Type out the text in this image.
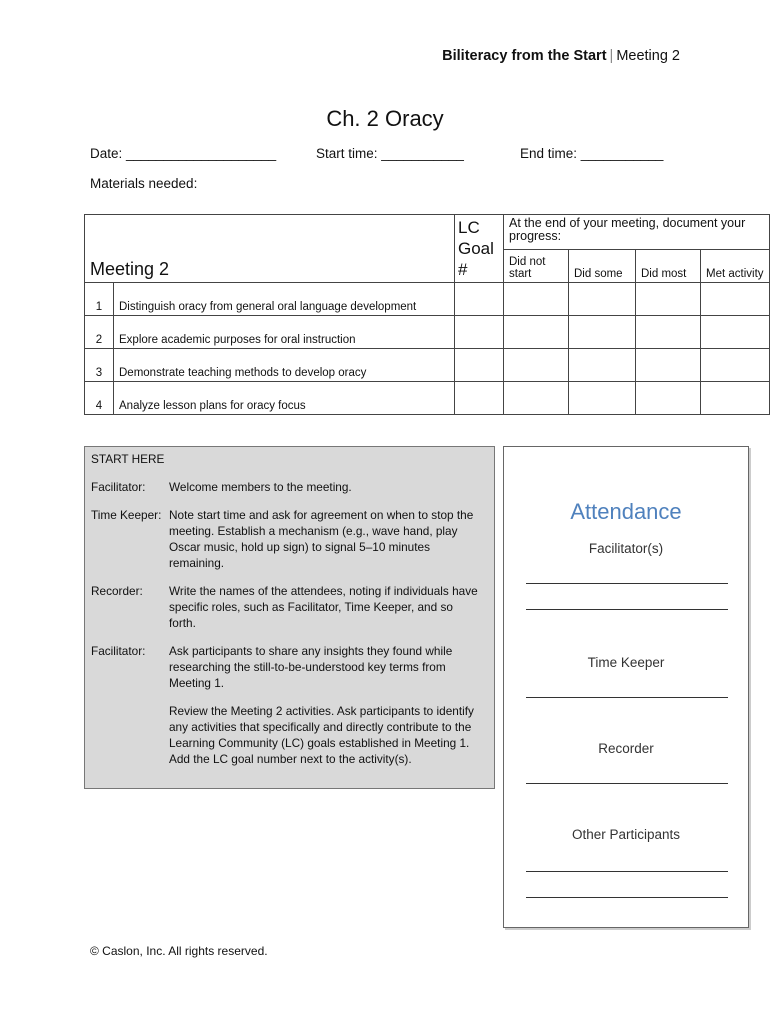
Biliteracy from the Start | Meeting 2
Ch. 2 Oracy
Date: ____________________	Start time: ___________	End time: ___________
Materials needed:
Meeting 2		LC Goal #	At the end of your meeting, document your progress:			
			Did not start	Did some	Did most	Met activity
1	Distinguish oracy from general oral language development					
2	Explore academic purposes for oral instruction					
3	Demonstrate teaching methods to develop oracy					
4	Analyze lesson plans for oracy focus					
START HERE
Facilitator:	Welcome members to the meeting.
Time Keeper: Note start time and ask for agreement on when to stop the meeting. Establish a mechanism (e.g., wave hand, play Oscar music, hold up sign) to signal 5–10 minutes remaining.
Recorder:	Write the names of the attendees, noting if individuals have specific roles, such as Facilitator, Time Keeper, and so forth.
Facilitator:	Ask participants to share any insights they found while researching the still-to-be-understood key terms from Meeting 1.
Review the Meeting 2 activities. Ask participants to identify any activities that specifically and directly contribute to the Learning Community (LC) goals established in Meeting 1. Add the LC goal number next to the activity(s).
Attendance
Facilitator(s)
Time Keeper
Recorder
Other Participants
© Caslon, Inc. All rights reserved.
